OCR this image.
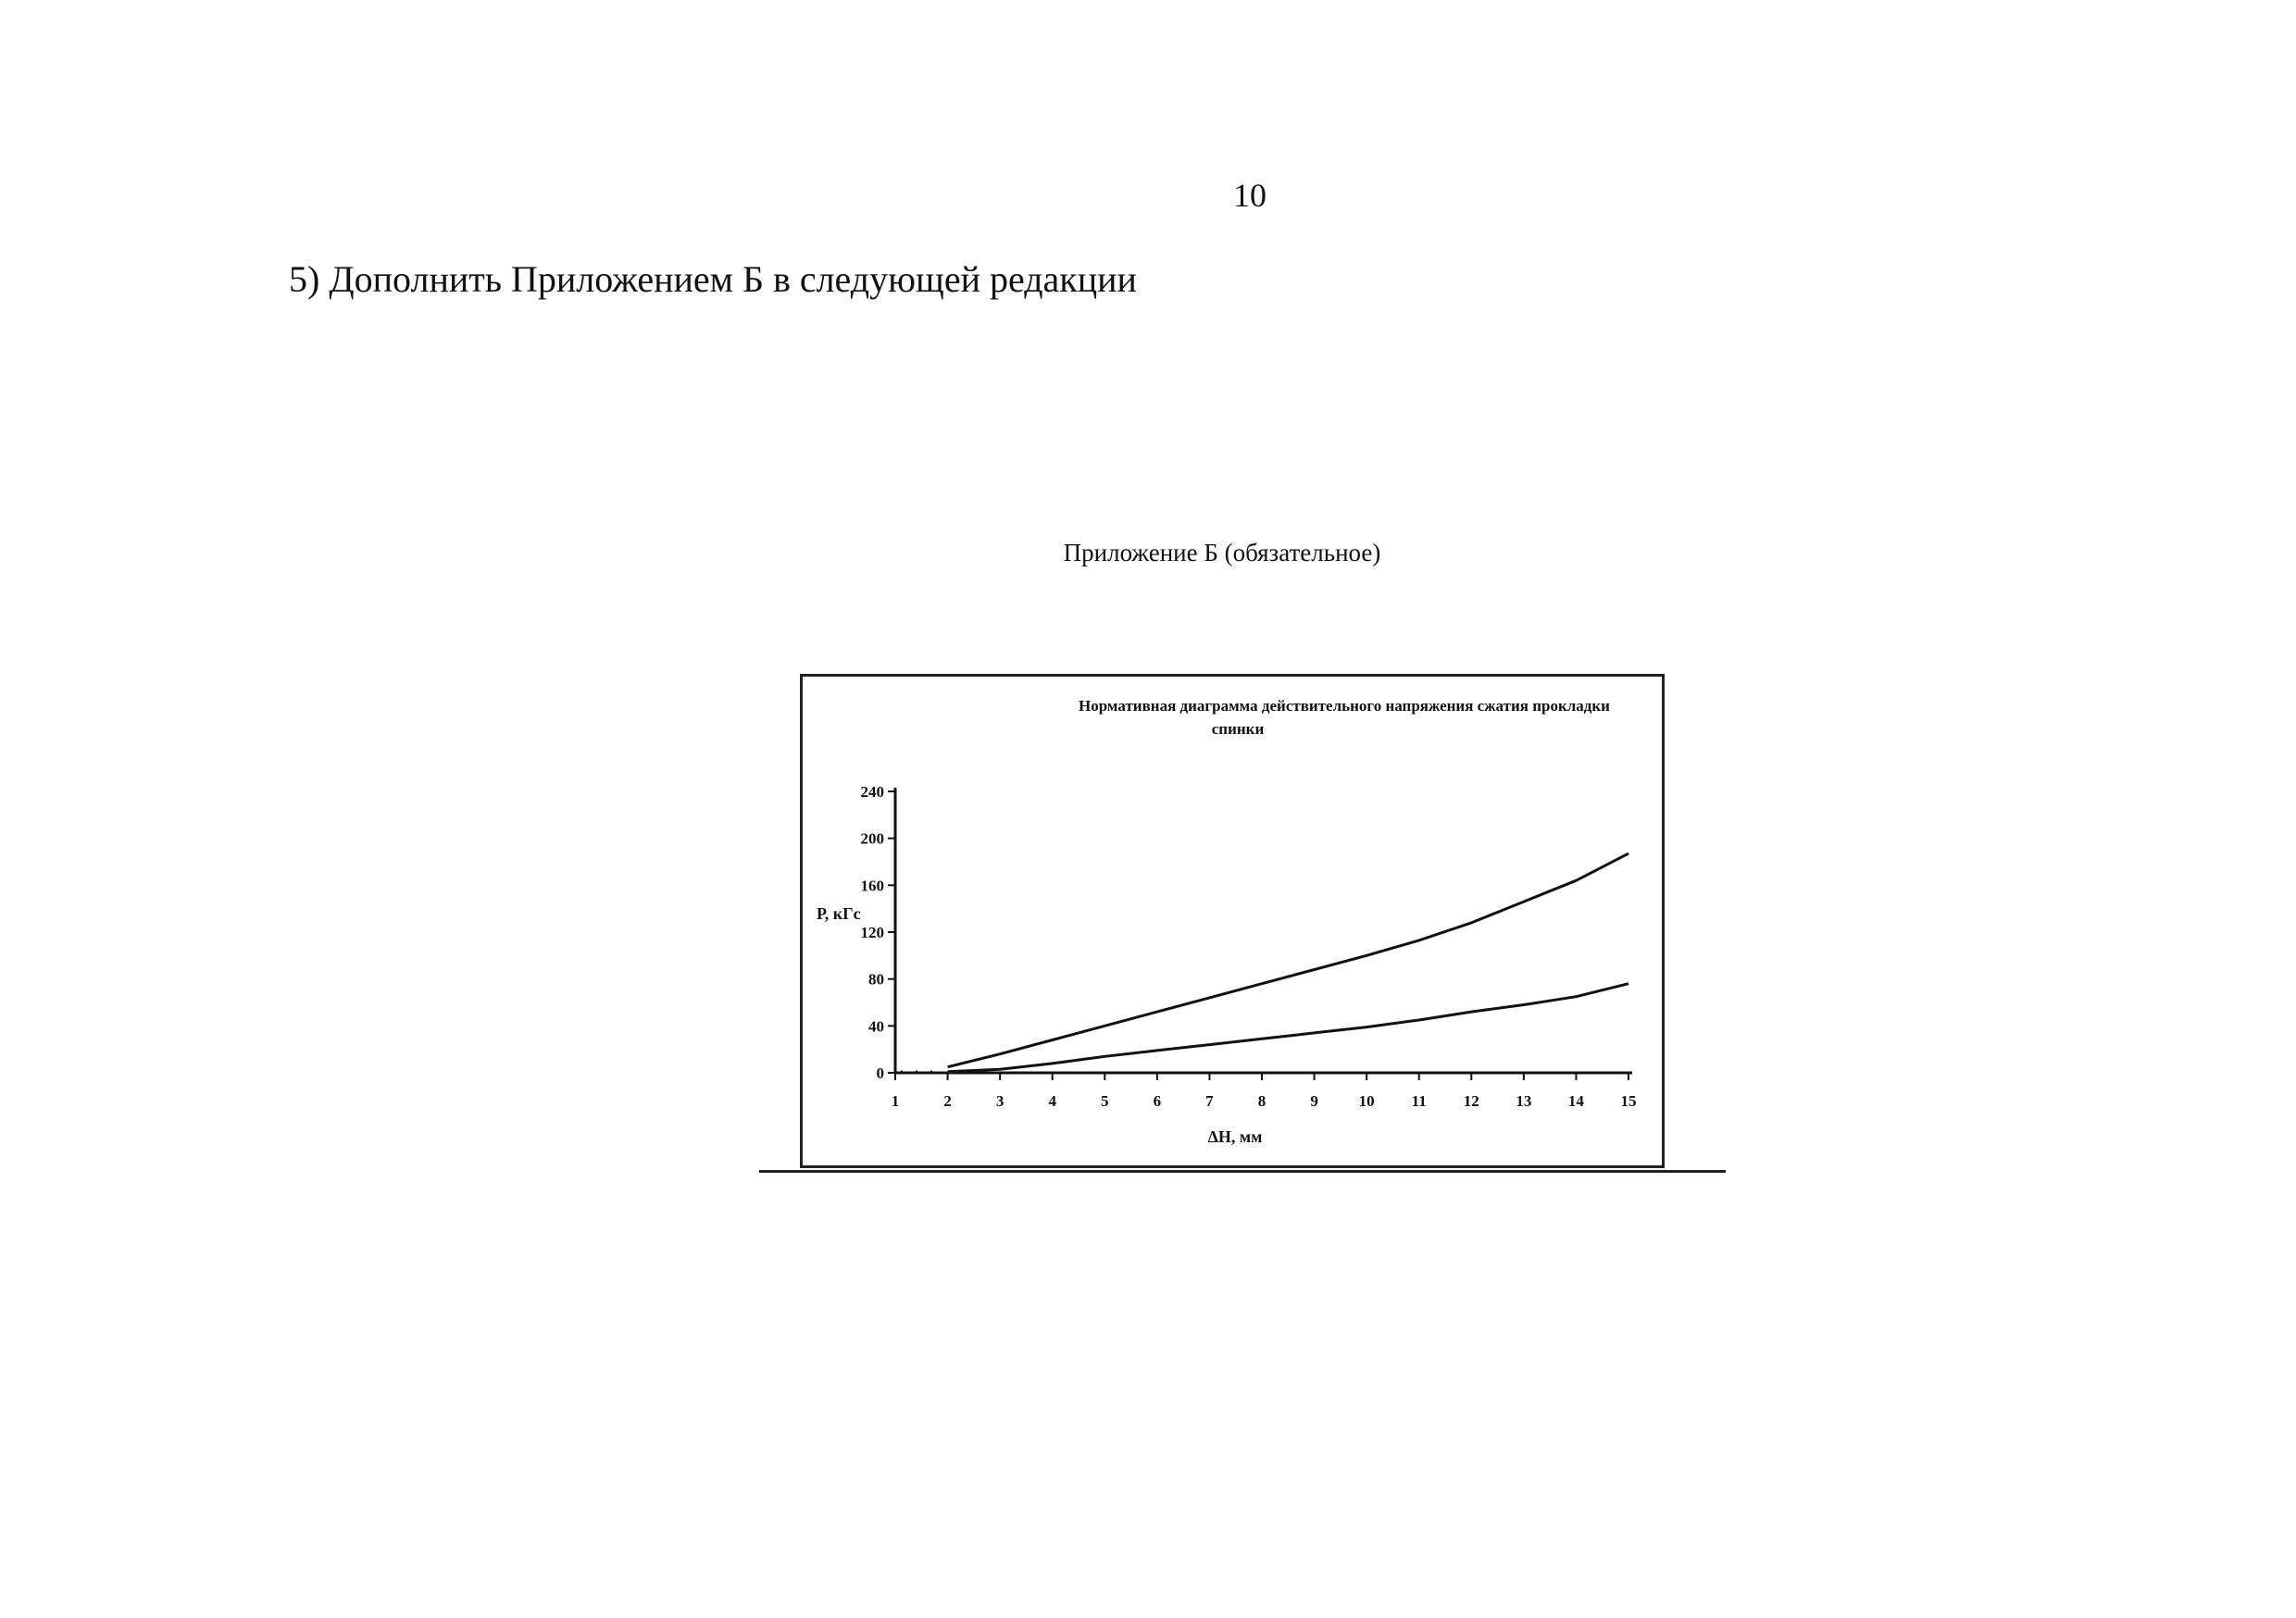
10
5) Дополнить Приложением Б в следующей редакции
Приложение Б (обязательное)
Нормативная диаграмма действительного напряжения сжатия прокладки
спинки
0
40
80
120
160
200
240
1	2	3	4	5	6	7	8	9	10 11 12 13 14 15
Р, кГс
ΔН, мм
